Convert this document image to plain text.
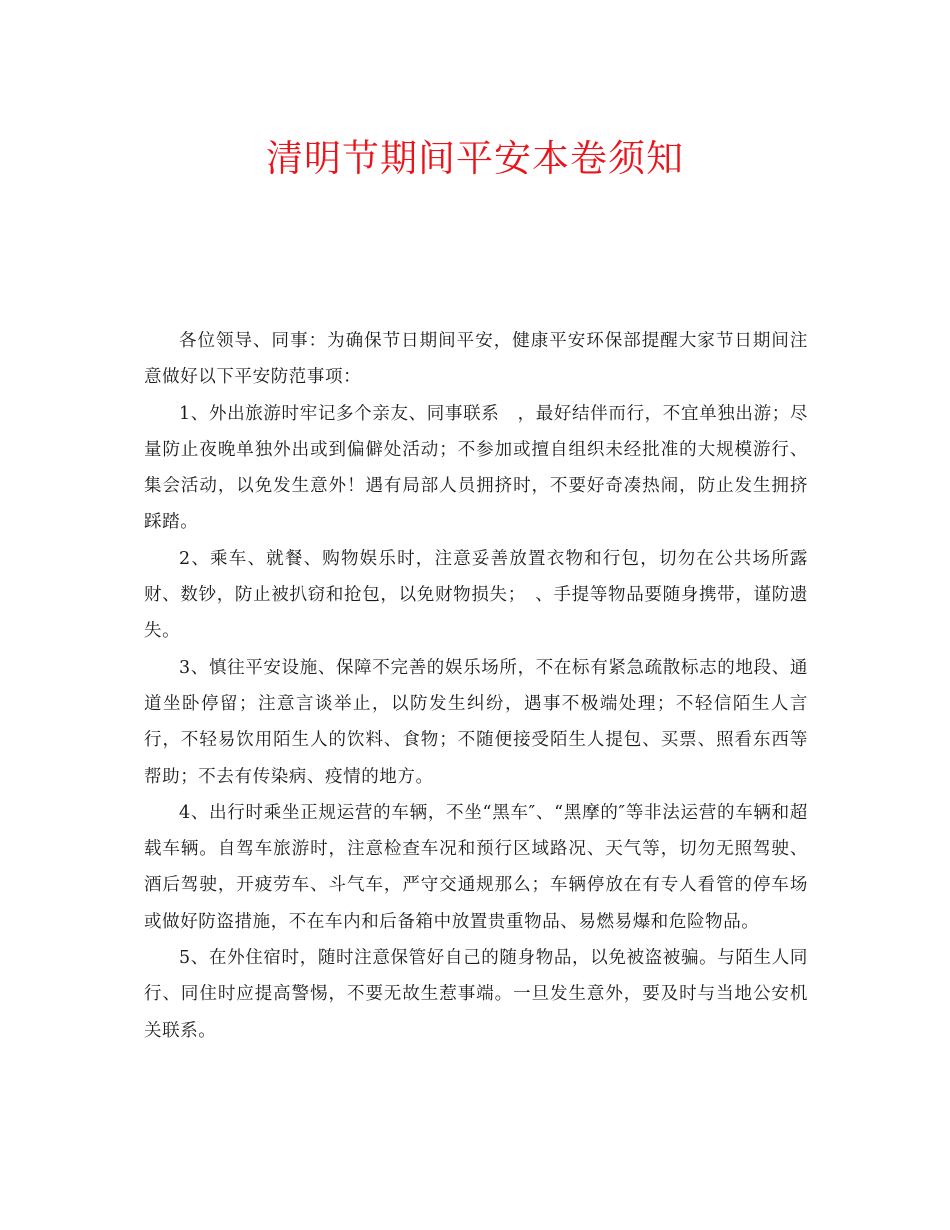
清明节期间平安本卷须知

各位领导、同事：为确保节日期间平安，健康平安环保部提醒大家节日期间注意做好以下平安防范事项：

1、外出旅游时牢记多个亲友、同事联系　，最好结伴而行，不宜单独出游；尽量防止夜晚单独外出或到偏僻处活动；不参加或擅自组织未经批准的大规模游行、集会活动，以免发生意外！遇有局部人员拥挤时，不要好奇凑热闹，防止发生拥挤踩踏。

2、乘车、就餐、购物娱乐时，注意妥善放置衣物和行包，切勿在公共场所露财、数钞，防止被扒窃和抢包，以免财物损失；　、手提等物品要随身携带，谨防遗失。

3、慎往平安设施、保障不完善的娱乐场所，不在标有紧急疏散标志的地段、通道坐卧停留；注意言谈举止，以防发生纠纷，遇事不极端处理；不轻信陌生人言行，不轻易饮用陌生人的饮料、食物；不随便接受陌生人提包、买票、照看东西等帮助；不去有传染病、疫情的地方。

4、出行时乘坐正规运营的车辆，不坐“黑车″、“黑摩的″等非法运营的车辆和超载车辆。自驾车旅游时，注意检查车况和预行区域路况、天气等，切勿无照驾驶、酒后驾驶，开疲劳车、斗气车，严守交通规那么；车辆停放在有专人看管的停车场或做好防盗措施，不在车内和后备箱中放置贵重物品、易燃易爆和危险物品。

5、在外住宿时，随时注意保管好自己的随身物品，以免被盗被骗。与陌生人同行、同住时应提高警惕，不要无故生惹事端。一旦发生意外，要及时与当地公安机关联系。
